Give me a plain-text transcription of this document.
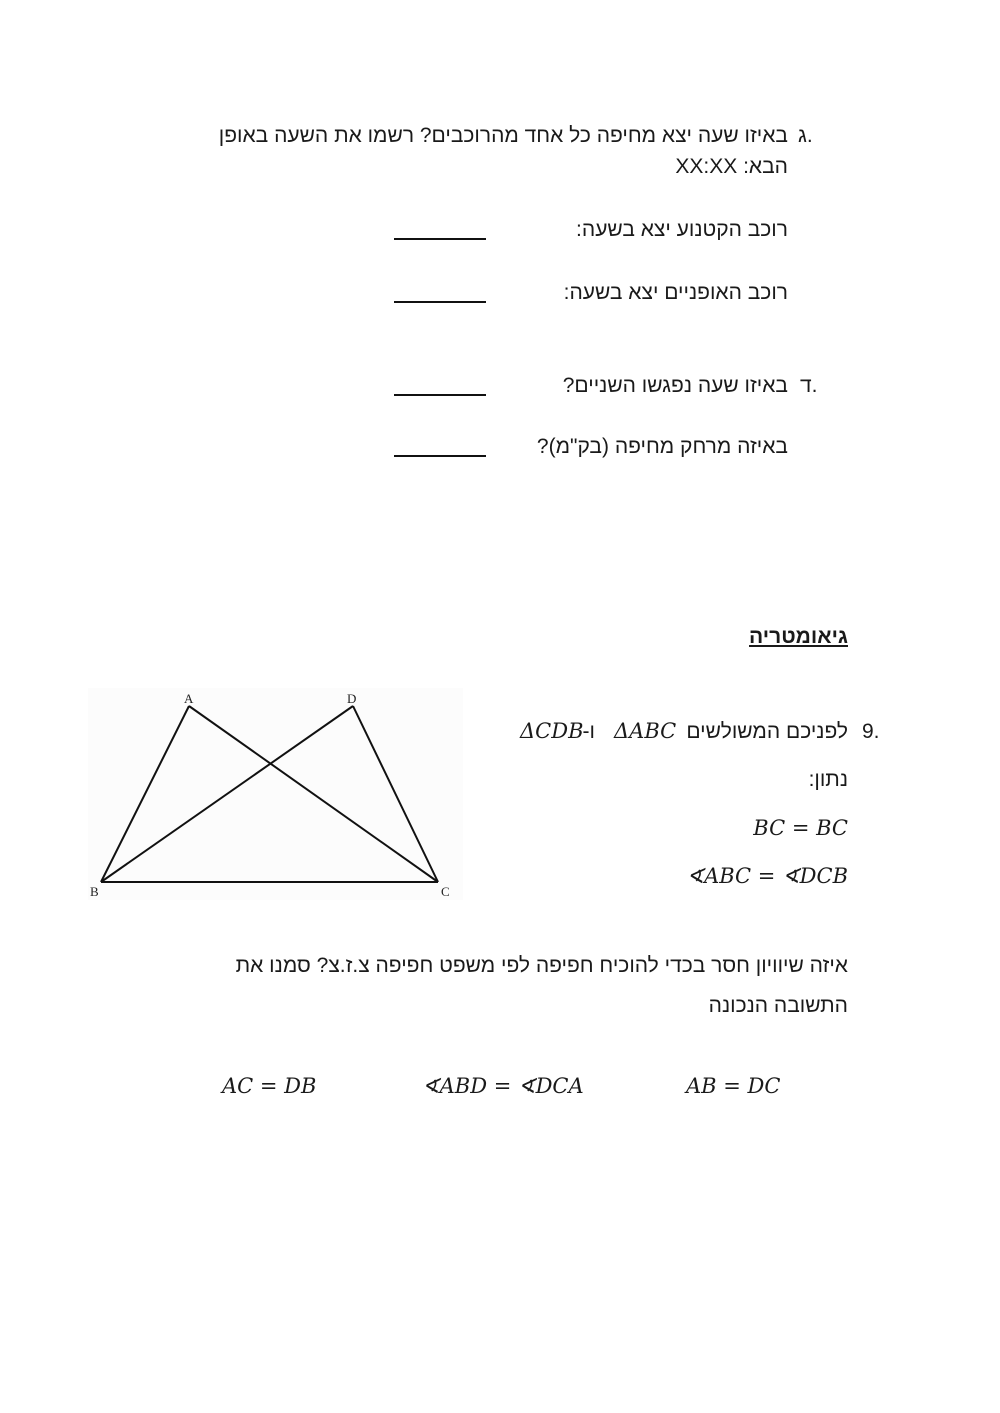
ג.
באיזו שעה יצא מחיפה כל אחד מהרוכבים? רשמו את השעה באופן
הבא: XX:XX
רוכב הקטנוע יצא בשעה:
רוכב האופניים יצא בשעה:
ד.
באיזו שעה נפגשו השניים?
באיזה מרחק מחיפה (בק"מ)?
גיאומטריה
A	D
B	C
9.
לפניכם המשולשים
ΔABC
ו-
ΔCDB
נתון:
BC = BC
∢ABC = ∢DCB
איזה שיוויון חסר בכדי להוכיח חפיפה לפי משפט חפיפה צ.ז.צ? סמנו את
התשובה הנכונה
AB = DC
∢ABD = ∢DCA
AC = DB
